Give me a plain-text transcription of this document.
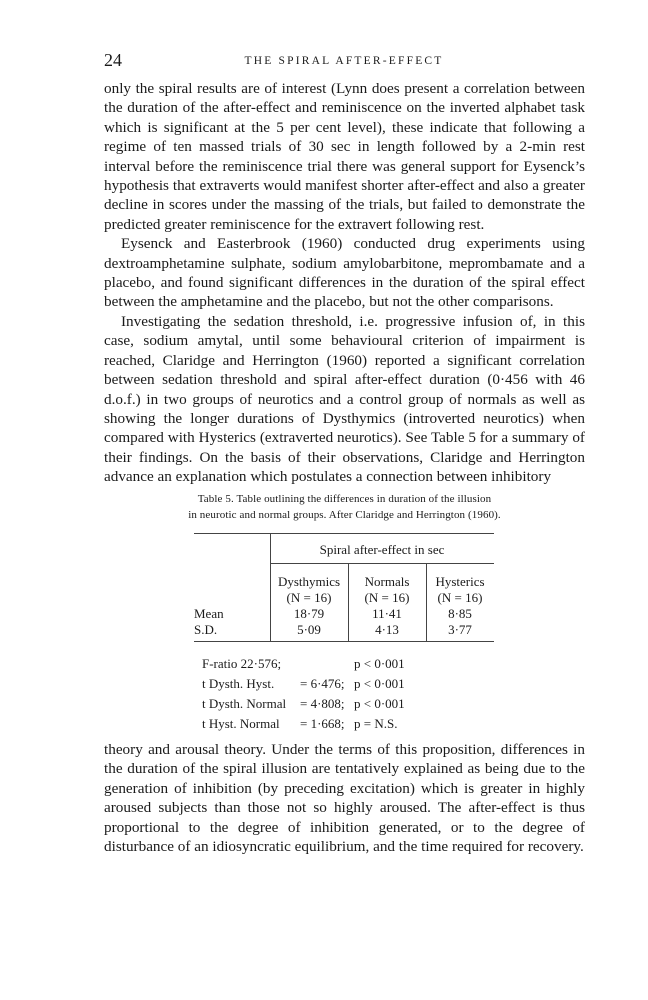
24	THE SPIRAL AFTER-EFFECT

only the spiral results are of interest (Lynn does present a correlation between the duration of the after-effect and reminiscence on the inverted alphabet task which is significant at the 5 per cent level), these indicate that following a regime of ten massed trials of 30 sec in length followed by a 2-min rest interval before the reminiscence trial there was general support for Eysenck’s hypothesis that extraverts would manifest shorter after-effect and also a greater decline in scores under the massing of the trials, but failed to demonstrate the predicted greater reminiscence for the extravert following rest.

Eysenck and Easterbrook (1960) conducted drug experiments using dextroamphetamine sulphate, sodium amylobarbitone, meprombamate and a placebo, and found significant differences in the duration of the spiral effect between the amphetamine and the placebo, but not the other comparisons.

Investigating the sedation threshold, i.e. progressive infusion of, in this case, sodium amytal, until some behavioural criterion of impairment is reached, Claridge and Herrington (1960) reported a significant correlation between sedation threshold and spiral after-effect duration (0·456 with 46 d.o.f.) in two groups of neurotics and a control group of normals as well as showing the longer durations of Dysthymics (introverted neurotics) when compared with Hysterics (extraverted neurotics). See Table 5 for a summary of their findings. On the basis of their observations, Claridge and Herrington advance an explanation which postulates a connection between inhibitory

Table 5. Table outlining the differences in duration of the illusion
in neurotic and normal groups. After Claridge and Herrington (1960).
Spiral after-effect in sec
Dysthymics
(N = 16)
18·79
5·09
Normals
(N = 16)
11·41
4·13
Hysterics
(N = 16)
8·85
3·77
Mean
S.D.
F-ratio 22·576;	p < 0·001
t Dysth. Hyst. = 6·476; p < 0·001
t Dysth. Normal = 4·808; p < 0·001
t Hyst. Normal = 1·668; p = N.S.

theory and arousal theory. Under the terms of this proposition, differences in the duration of the spiral illusion are tentatively explained as being due to the generation of inhibition (by preceding excitation) which is greater in highly aroused subjects than those not so highly aroused. The after-effect is thus proportional to the degree of inhibition generated, or to the degree of disturbance of an idiosyncratic equilibrium, and the time required for recovery.
